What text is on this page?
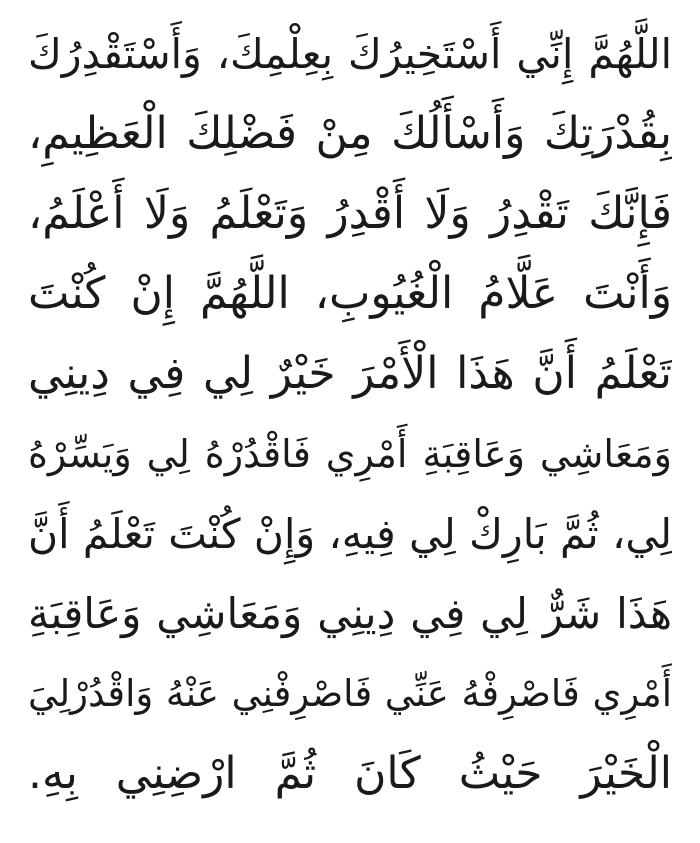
اللَّهُمَّ إِنِّي أَسْتَخِيرُكَ بِعِلْمِكَ، وَأَسْتَقْدِرُكَ
بِقُدْرَتِكَ وَأَسْأَلُكَ مِنْ فَضْلِكَ الْعَظِيمِ،
فَإِنَّكَ تَقْدِرُ وَلَا أَقْدِرُ وَتَعْلَمُ وَلَا أَعْلَمُ،
وَأَنْتَ عَلَّامُ الْغُيُوبِ، اللَّهُمَّ إِنْ كُنْتَ
تَعْلَمُ أَنَّ هَذَا الْأَمْرَ خَيْرٌ لِي فِي دِينِي
وَمَعَاشِي وَعَاقِبَةِ أَمْرِي فَاقْدُرْهُ لِي وَيَسِّرْهُ
لِي، ثُمَّ بَارِكْ لِي فِيهِ، وَإِنْ كُنْتَ تَعْلَمُ أَنَّ
هَذَا شَرٌّ لِي فِي دِينِي وَمَعَاشِي وَعَاقِبَةِ
أَمْرِي فَاصْرِفْهُ عَنِّي فَاصْرِفْنِي عَنْهُ وَاقْدُرْلِيَ
الْخَيْرَ حَيْثُ كَانَ ثُمَّ ارْضِنِي بِهِ.
